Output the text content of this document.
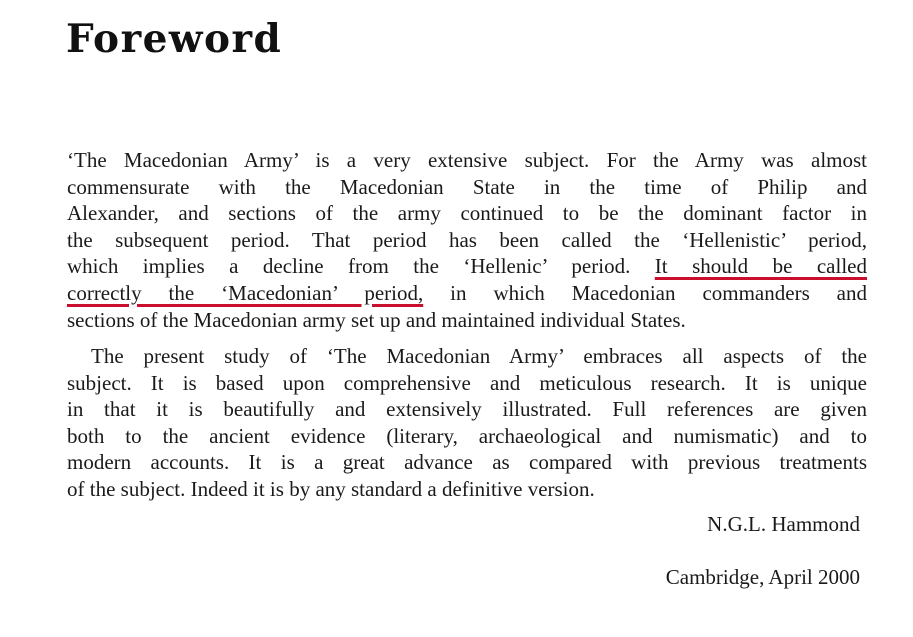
Foreword
‘The Macedonian Army’ is a very extensive subject. For the Army was almost
commensurate with the Macedonian State in the time of Philip and
Alexander, and sections of the army continued to be the dominant factor in
the subsequent period. That period has been called the ‘Hellenistic’ period,
which implies a decline from the ‘Hellenic’ period. It should be called
correctly the ‘Macedonian’ period, in which Macedonian commanders and
sections of the Macedonian army set up and maintained individual States.
The present study of ‘The Macedonian Army’ embraces all aspects of the
subject. It is based upon comprehensive and meticulous research. It is unique
in that it is beautifully and extensively illustrated. Full references are given
both to the ancient evidence (literary, archaeological and numismatic) and to
modern accounts. It is a great advance as compared with previous treatments
of the subject. Indeed it is by any standard a definitive version.
N.G.L. Hammond
Cambridge, April 2000
